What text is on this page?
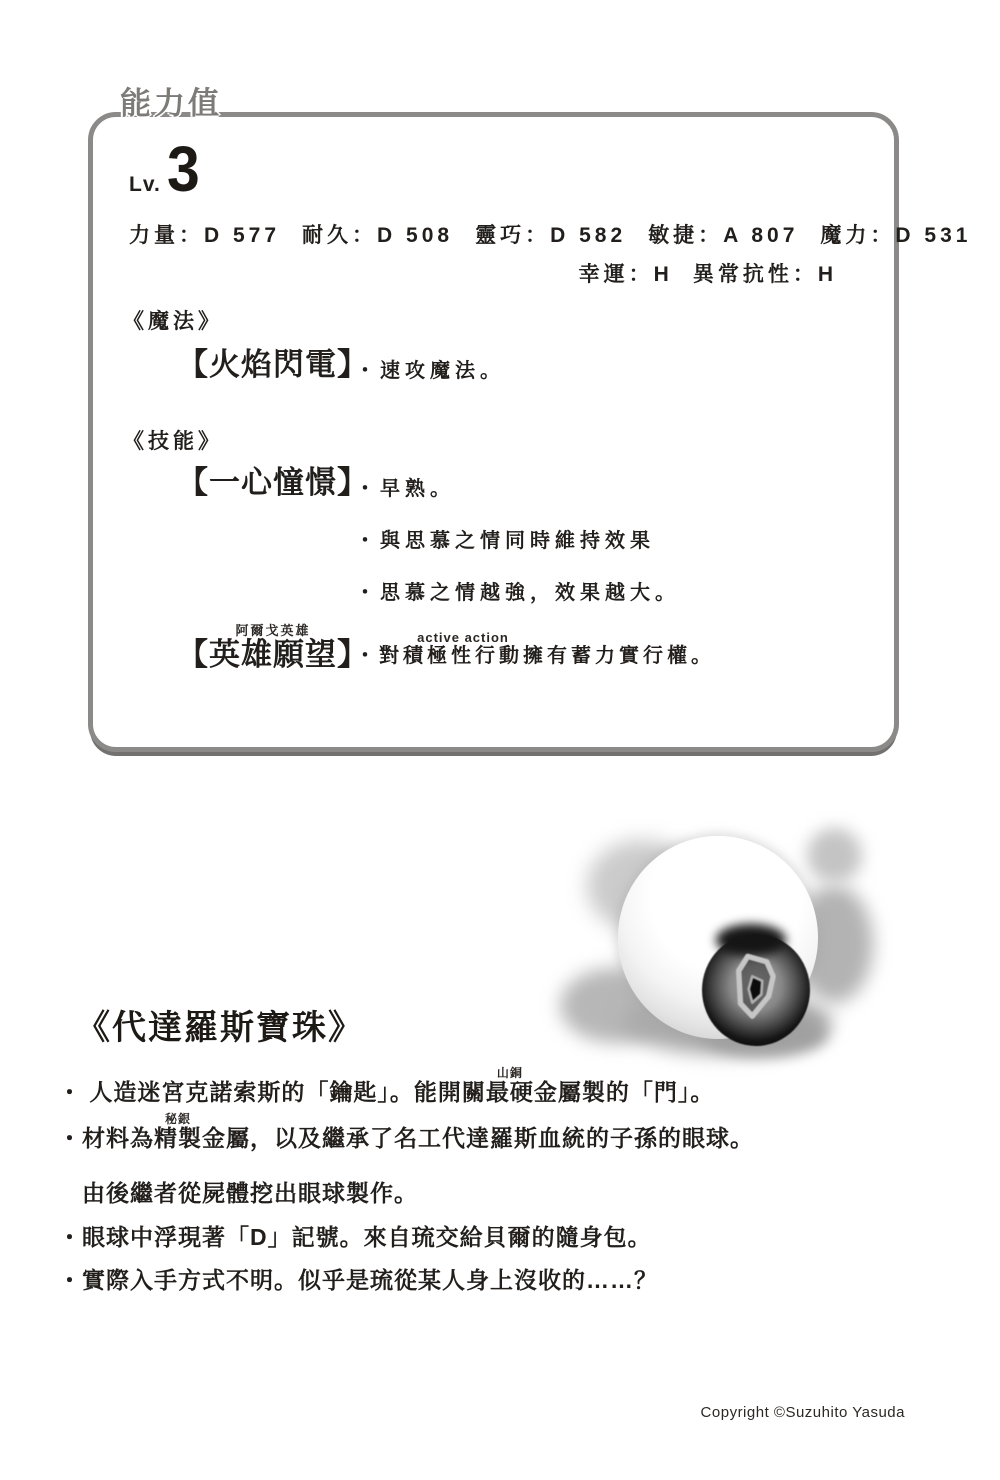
能力值
Lv. 3
力量：D 577 耐久：D 508 靈巧：D 582 敏捷：A 807 魔力：D 531
幸運：H 異常抗性：H
《魔法》
【火焰閃電】
・速攻魔法。
《技能》
【一心憧憬】
・早熟。
・與思慕之情同時維持效果
・思慕之情越強，效果越大。
【英雄願望阿爾戈英雄】
・對積極性行動active action擁有蓄力實行權。
《代達羅斯寶珠》
・ 人造迷宮克諾索斯的「鑰匙」。能開關最硬山銅金屬製的「門」。
・材料為精製秘銀金屬，以及繼承了名工代達羅斯血統的子孫的眼球。
　由後繼者從屍體挖出眼球製作。
・眼球中浮現著「D」記號。來自琉交給貝爾的隨身包。
・實際入手方式不明。似乎是琉從某人身上沒收的……？
Copyright ©Suzuhito Yasuda
